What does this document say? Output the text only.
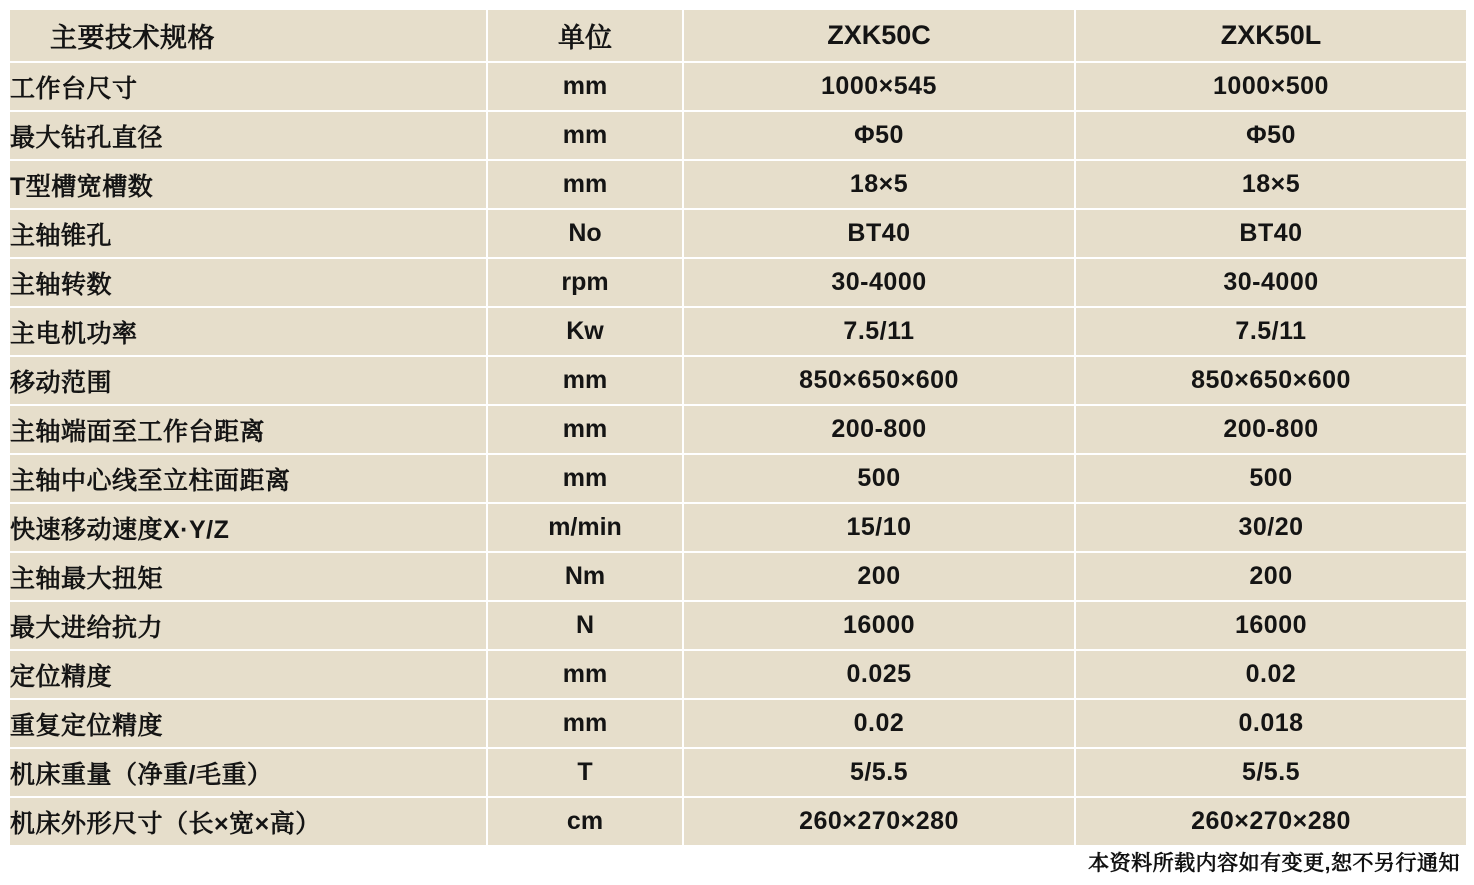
主要技术规格	单位	ZXK50C	ZXK50L
工作台尺寸	mm	1000×545	1000×500
最大钻孔直径	mm	Φ50	Φ50
T型槽宽槽数	mm	18×5	18×5
主轴锥孔	No	BT40	BT40
主轴转数	rpm	30-4000	30-4000
主电机功率	Kw	7.5/11	7.5/11
移动范围	mm	850×650×600	850×650×600
主轴端面至工作台距离	mm	200-800	200-800
主轴中心线至立柱面距离	mm	500	500
快速移动速度X·Y/Z	m/min	15/10	30/20
主轴最大扭矩	Nm	200	200
最大进给抗力	N	16000	16000
定位精度	mm	0.025	0.02
重复定位精度	mm	0.02	0.018
机床重量（净重/毛重）	T	5/5.5	5/5.5
机床外形尺寸（长×宽×高）	cm	260×270×280	260×270×280
本资料所载内容如有变更,恕不另行通知
